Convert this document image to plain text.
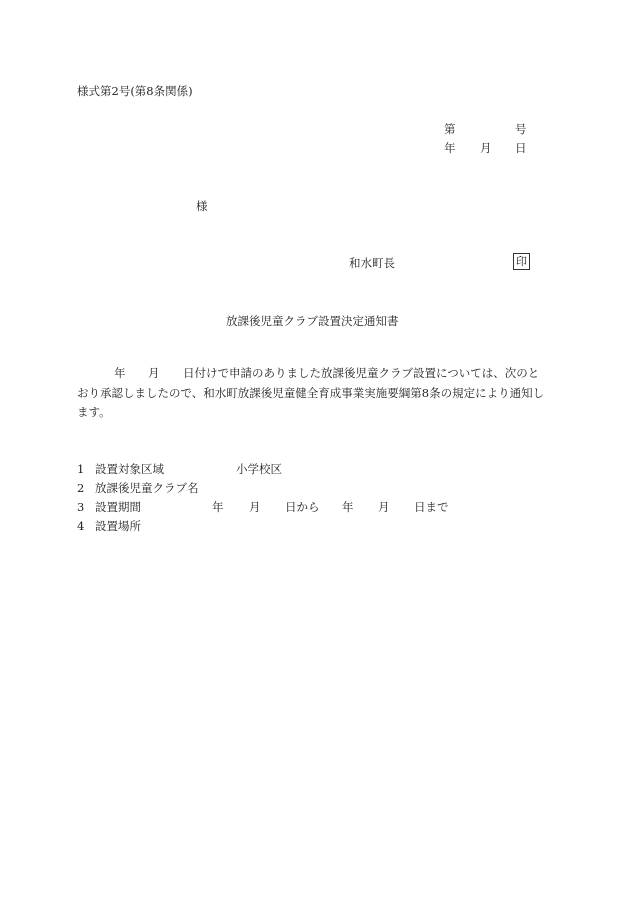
様式第2号(第8条関係)
第	号
年 月 日
様
和水町長	印
放課後児童クラブ設置決定通知書
年 月 日付けで申請のありました放課後児童クラブ設置については、次のと
おり承認しましたので、和水町放課後児童健全育成事業実施要綱第8条の規定により通知し
ます。
1 設置対象区域	小学校区
2 放課後児童クラブ名
3 設置期間	年 月 日から 年 月 日まで
4 設置場所
